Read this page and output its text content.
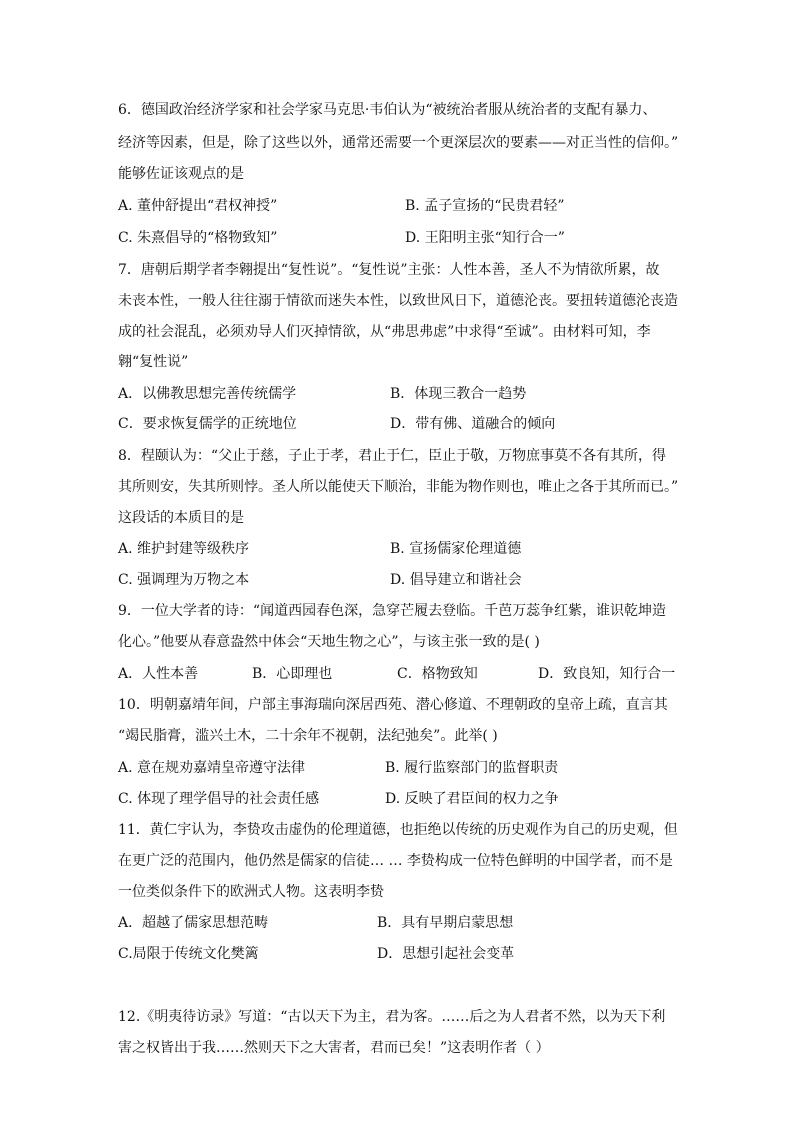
6．德国政治经济学家和社会学家马克思·韦伯认为“被统治者服从统治者的支配有暴力、
经济等因素，但是，除了这些以外，通常还需要一个更深层次的要素——对正当性的信仰。”
能够佐证该观点的是
A. 董仲舒提出“君权神授”	B. 孟子宣扬的“民贵君轻”
C. 朱熹倡导的“格物致知”	D. 王阳明主张“知行合一”
7．唐朝后期学者李翱提出“复性说”。“复性说”主张：人性本善，圣人不为情欲所累，故
未丧本性，一般人往往溺于情欲而迷失本性，以致世风日下，道德沦丧。要扭转道德沦丧造
成的社会混乱，必须劝导人们灭掉情欲，从“弗思弗虑”中求得“至诚”。由材料可知，李
翱“复性说”
A．以佛教思想完善传统儒学	B．体现三教合一趋势
C．要求恢复儒学的正统地位	D．带有佛、道融合的倾向
8．程颐认为：“父止于慈，子止于孝，君止于仁，臣止于敬，万物庶事莫不各有其所，得
其所则安，失其所则悖。圣人所以能使天下顺治，非能为物作则也，唯止之各于其所而已。”
这段话的本质目的是
A. 维护封建等级秩序	B. 宣扬儒家伦理道德
C. 强调理为万物之本	D. 倡导建立和谐社会
9．一位大学者的诗：“闻道西园春色深，急穿芒履去登临。千芭万蕊争红紫，谁识乾坤造
化心。”他要从春意盎然中体会“天地生物之心”，与该主张一致的是( )
A．人性本善	B．心即理也	C．格物致知	D．致良知，知行合一
10．明朝嘉靖年间，户部主事海瑞向深居西苑、潜心修道、不理朝政的皇帝上疏，直言其
“竭民脂膏，滥兴土木，二十余年不视朝，法纪弛矣”。此举( )
A. 意在规劝嘉靖皇帝遵守法律	B. 履行监察部门的监督职责
C. 体现了理学倡导的社会责任感	D. 反映了君臣间的权力之争
11．黄仁宇认为，李贽攻击虚伪的伦理道德，也拒绝以传统的历史观作为自己的历史观，但
在更广泛的范围内，他仍然是儒家的信徒… … 李贽构成一位特色鲜明的中国学者，而不是
一位类似条件下的欧洲式人物。这表明李贽
A．超越了儒家思想范畴	B．具有早期启蒙思想
C.局限于传统文化樊篱	D．思想引起社会变革
12.《明夷待访录》写道：“古以天下为主，君为客。……后之为人君者不然，以为天下利
害之权皆出于我……然则天下之大害者，君而已矣！”这表明作者（ ）
